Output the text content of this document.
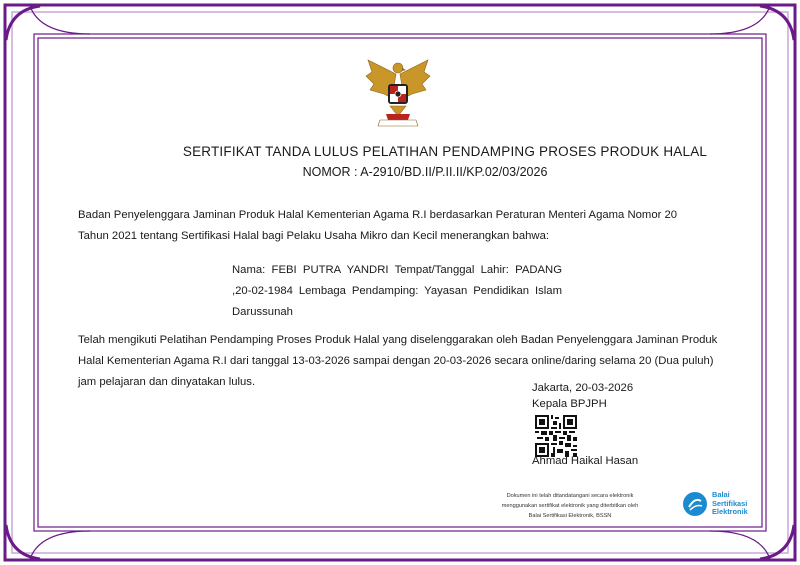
SERTIFIKAT TANDA LULUS PELATIHAN PENDAMPING PROSES PRODUK HALAL
NOMOR : A-2910/BD.II/P.II.II/KP.02/03/2026
Badan Penyelenggara Jaminan Produk Halal Kementerian Agama R.I berdasarkan Peraturan Menteri Agama Nomor 20
Tahun 2021 tentang Sertifikasi Halal bagi Pelaku Usaha Mikro dan Kecil menerangkan bahwa:
Nama: FEBI PUTRA YANDRI Tempat/Tanggal Lahir: PADANG
,20-02-1984 Lembaga Pendamping: Yayasan Pendidikan Islam
Darussunah
Telah mengikuti Pelatihan Pendamping Proses Produk Halal yang diselenggarakan oleh Badan Penyelenggara Jaminan Produk
Halal Kementerian Agama R.I dari tanggal 13-03-2026 sampai dengan 20-03-2026 secara online/daring selama 20 (Dua puluh)
jam pelajaran dan dinyatakan lulus.	Jakarta, 20-03-2026
Kepala BPJPH
Ahmad Haikal Hasan
Dokumen ini telah ditandatangani secara elektronik
menggunakan sertifikat elektronik yang diterbitkan oleh
Balai Sertifikasi Elektronik, BSSN
Balai
Sertifikasi
Elektronik
